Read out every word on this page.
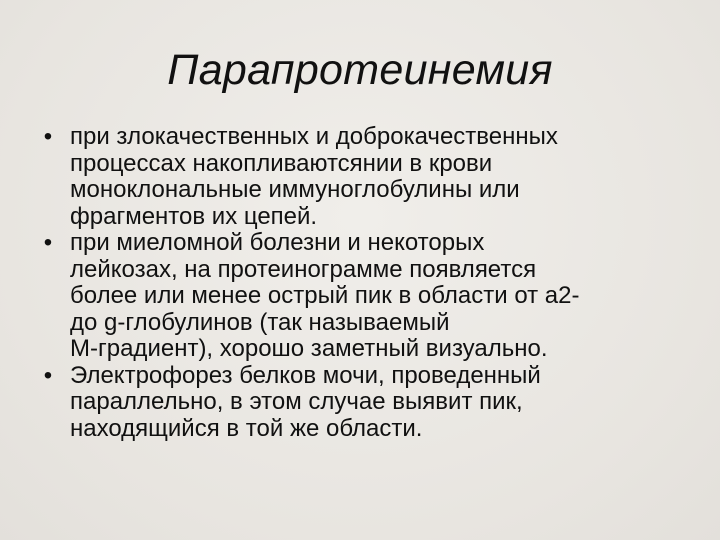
Парапротеинемия
• при злокачественных и доброкачественных
процессах накопливаютсянии в крови
моноклональные иммуноглобулины или
фрагментов их цепей.
• при миеломной болезни и некоторых
лейкозах, на протеинограмме появляется
более или менее острый пик в области от а2-
до g-глобулинов (так называемый
М‑градиент), хорошо заметный визуально.
• Электрофорез белков мочи, проведенный
параллельно, в этом случае выявит пик,
находящийся в той же области.
